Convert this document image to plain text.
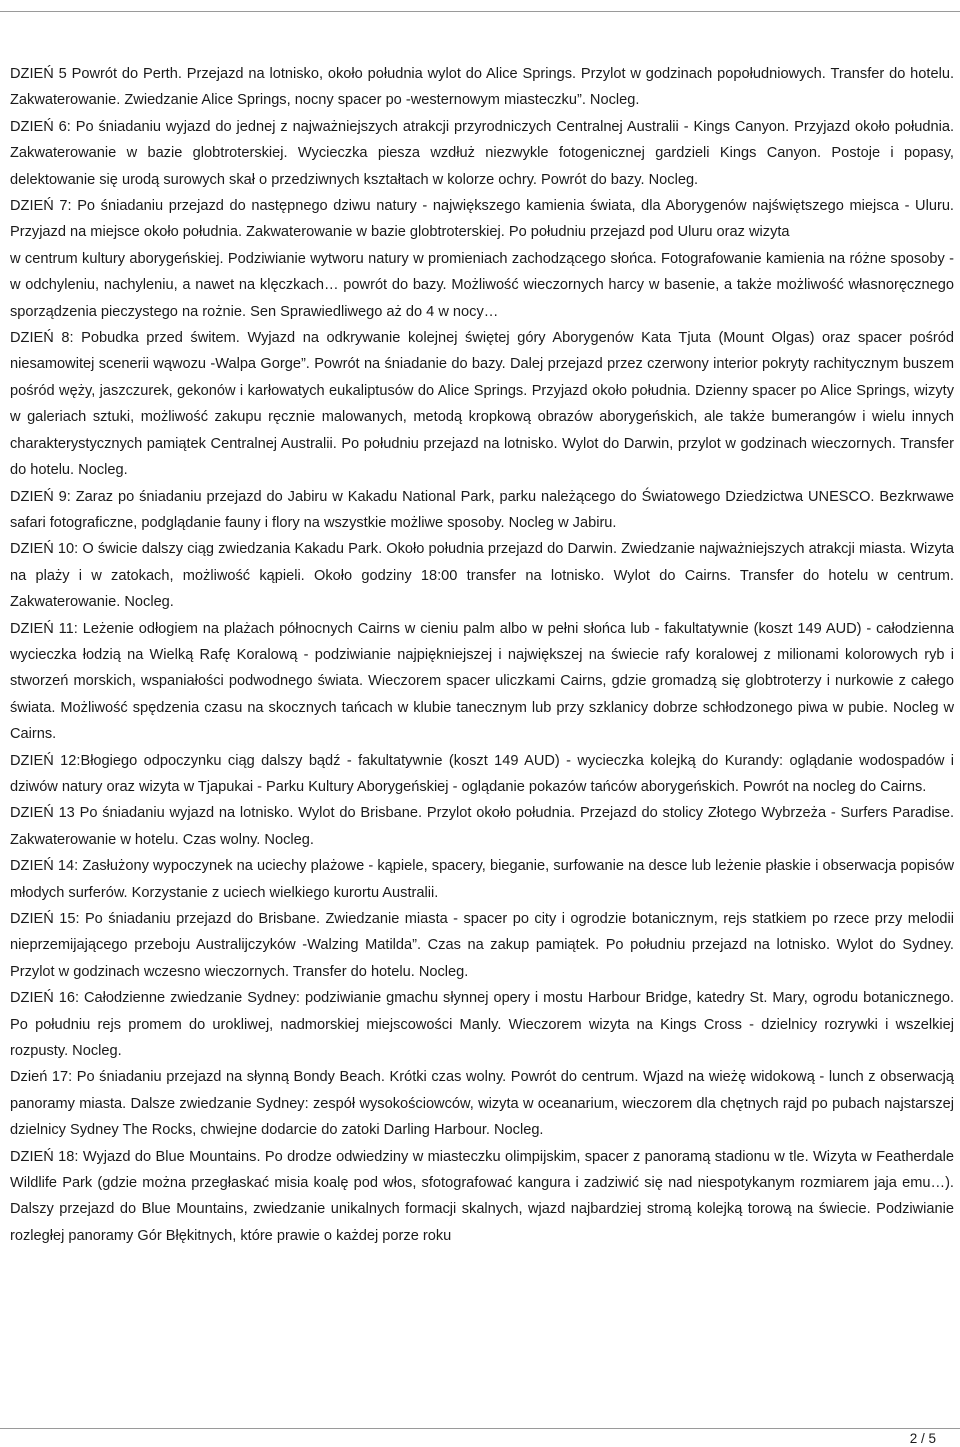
DZIEŃ 5 Powrót do Perth. Przejazd na lotnisko, około południa wylot do Alice Springs. Przylot w godzinach popołudniowych. Transfer do hotelu. Zakwaterowanie. Zwiedzanie Alice Springs, nocny spacer po -westernowym miasteczku”. Nocleg.

DZIEŃ 6: Po śniadaniu wyjazd do jednej z najważniejszych atrakcji przyrodniczych Centralnej Australii - Kings Canyon. Przyjazd około południa. Zakwaterowanie w bazie globtroterskiej. Wycieczka piesza wzdłuż niezwykle fotogenicznej gardzieli Kings Canyon. Postoje i popasy, delektowanie się urodą surowych skał o przedziwnych kształtach w kolorze ochry. Powrót do bazy. Nocleg.

DZIEŃ 7: Po śniadaniu przejazd do następnego dziwu natury - największego kamienia świata, dla Aborygenów najświętszego miejsca - Uluru. Przyjazd na miejsce około południa. Zakwaterowanie w bazie globtroterskiej. Po południu przejazd pod Uluru oraz wizyta

w centrum kultury aborygeńskiej. Podziwianie wytworu natury w promieniach zachodzącego słońca. Fotografowanie kamienia na różne sposoby - w odchyleniu, nachyleniu, a nawet na klęczkach… powrót do bazy. Możliwość wieczornych harcy w basenie, a także możliwość własnoręcznego sporządzenia pieczystego na rożnie. Sen Sprawiedliwego aż do 4 w nocy…

DZIEŃ 8: Pobudka przed świtem. Wyjazd na odkrywanie kolejnej świętej góry Aborygenów Kata Tjuta (Mount Olgas) oraz spacer pośród niesamowitej scenerii wąwozu -Walpa Gorge”. Powrót na śniadanie do bazy. Dalej przejazd przez czerwony interior pokryty rachitycznym buszem pośród węży, jaszczurek, gekonów i karłowatych eukaliptusów do Alice Springs. Przyjazd około południa. Dzienny spacer po Alice Springs, wizyty w galeriach sztuki, możliwość zakupu ręcznie malowanych, metodą kropkową obrazów aborygeńskich, ale także bumerangów i wielu innych charakterystycznych pamiątek Centralnej Australii. Po południu przejazd na lotnisko. Wylot do Darwin, przylot w godzinach wieczornych. Transfer do hotelu. Nocleg.

DZIEŃ 9: Zaraz po śniadaniu przejazd do Jabiru w Kakadu National Park, parku należącego do Światowego Dziedzictwa UNESCO. Bezkrwawe safari fotograficzne, podglądanie fauny i flory na wszystkie możliwe sposoby. Nocleg w Jabiru.

DZIEŃ 10: O świcie dalszy ciąg zwiedzania Kakadu Park. Około południa przejazd do Darwin. Zwiedzanie najważniejszych atrakcji miasta. Wizyta na plaży i w zatokach, możliwość kąpieli. Około godziny 18:00 transfer na lotnisko. Wylot do Cairns. Transfer do hotelu w centrum. Zakwaterowanie. Nocleg.

DZIEŃ 11: Leżenie odłogiem na plażach północnych Cairns w cieniu palm albo w pełni słońca lub - fakultatywnie (koszt 149 AUD) - całodzienna wycieczka łodzią na Wielką Rafę Koralową - podziwianie najpiękniejszej i największej na świecie rafy koralowej z milionami kolorowych ryb i stworzeń morskich, wspaniałości podwodnego świata. Wieczorem spacer uliczkami Cairns, gdzie gromadzą się globtroterzy i nurkowie z całego świata. Możliwość spędzenia czasu na skocznych tańcach w klubie tanecznym lub przy szklanicy dobrze schłodzonego piwa w pubie. Nocleg w Cairns.

DZIEŃ 12:Błogiego odpoczynku ciąg dalszy bądź - fakultatywnie (koszt 149 AUD) - wycieczka kolejką do Kurandy: oglądanie wodospadów i dziwów natury oraz wizyta w Tjapukai - Parku Kultury Aborygeńskiej - oglądanie pokazów tańców aborygeńskich. Powrót na nocleg do Cairns.

DZIEŃ 13 Po śniadaniu wyjazd na lotnisko. Wylot do Brisbane. Przylot około południa. Przejazd do stolicy Złotego Wybrzeża - Surfers Paradise. Zakwaterowanie w hotelu. Czas wolny. Nocleg.

DZIEŃ 14: Zasłużony wypoczynek na uciechy plażowe - kąpiele, spacery, bieganie, surfowanie na desce lub leżenie płaskie i obserwacja popisów młodych surferów. Korzystanie z uciech wielkiego kurortu Australii.

DZIEŃ 15: Po śniadaniu przejazd do Brisbane. Zwiedzanie miasta - spacer po city i ogrodzie botanicznym, rejs statkiem po rzece przy melodii nieprzemijającego przeboju Australijczyków -Walzing Matilda”. Czas na zakup pamiątek. Po południu przejazd na lotnisko. Wylot do Sydney. Przylot w godzinach wczesno wieczornych. Transfer do hotelu. Nocleg.

DZIEŃ 16: Całodzienne zwiedzanie Sydney: podziwianie gmachu słynnej opery i mostu Harbour Bridge, katedry St. Mary, ogrodu botanicznego. Po południu rejs promem do urokliwej, nadmorskiej miejscowości Manly. Wieczorem wizyta na Kings Cross - dzielnicy rozrywki i wszelkiej rozpusty. Nocleg.

Dzień 17: Po śniadaniu przejazd na słynną Bondy Beach. Krótki czas wolny. Powrót do centrum. Wjazd na wieżę widokową - lunch z obserwacją panoramy miasta. Dalsze zwiedzanie Sydney: zespół wysokościowców, wizyta w oceanarium, wieczorem dla chętnych rajd po pubach najstarszej dzielnicy Sydney The Rocks, chwiejne dodarcie do zatoki Darling Harbour. Nocleg.

DZIEŃ 18: Wyjazd do Blue Mountains. Po drodze odwiedziny w miasteczku olimpijskim, spacer z panoramą stadionu w tle. Wizyta w Featherdale Wildlife Park (gdzie można przegłaskać misia koalę pod włos, sfotografować kangura i zadziwić się nad niespotykanym rozmiarem jaja emu…). Dalszy przejazd do Blue Mountains, zwiedzanie unikalnych formacji skalnych, wjazd najbardziej stromą kolejką torową na świecie. Podziwianie rozległej panoramy Gór Błękitnych, które prawie o każdej porze roku

2 / 5
